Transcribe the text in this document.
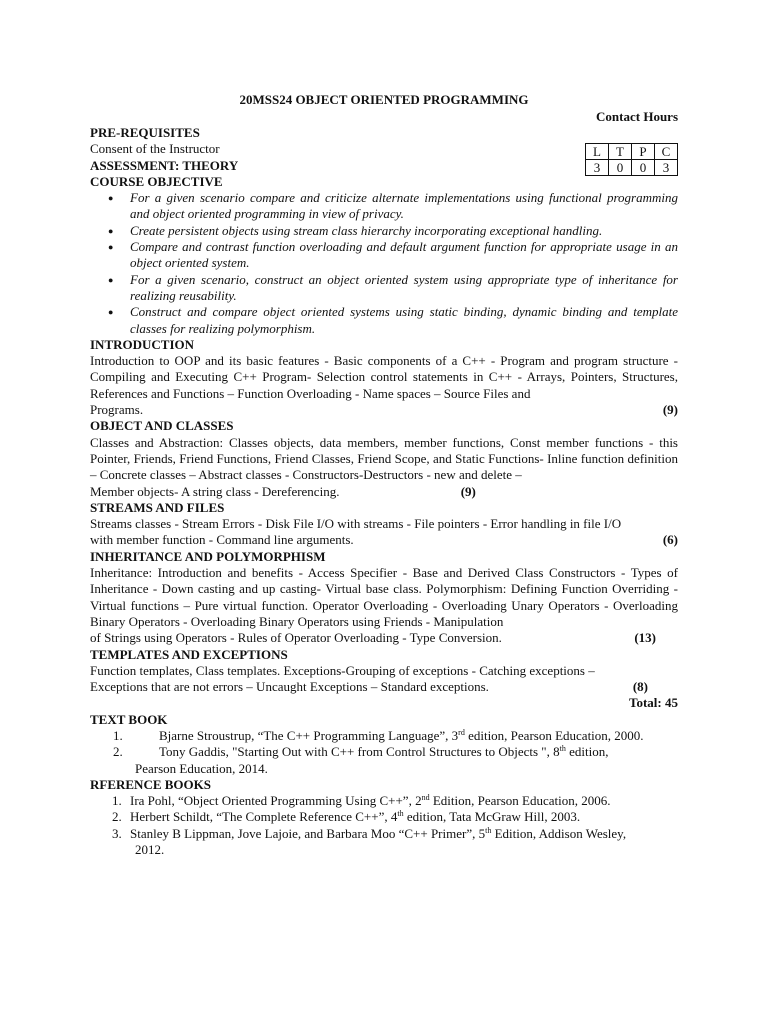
20MSS24 OBJECT ORIENTED PROGRAMMING
Contact Hours
L	T	P	C
3	0	0	3
PRE-REQUISITES
Consent of the Instructor
ASSESSMENT: THEORY
COURSE OBJECTIVE
● For a given scenario compare and criticize alternate implementations using functional programming and object oriented programming in view of privacy.
● Create persistent objects using stream class hierarchy incorporating exceptional handling.
● Compare and contrast function overloading and default argument function for appropriate usage in an object oriented system.
● For a given scenario, construct an object oriented system using appropriate type of inheritance for realizing reusability.
● Construct and compare object oriented systems using static binding, dynamic binding and template classes for realizing polymorphism.
INTRODUCTION
Introduction to OOP and its basic features - Basic components of a C++ - Program and program structure - Compiling and Executing C++ Program- Selection control statements in C++ - Arrays, Pointers, Structures, References and Functions – Function Overloading - Name spaces – Source Files and
Programs.	(9)
OBJECT AND CLASSES
Classes and Abstraction: Classes objects, data members, member functions, Const member functions - this Pointer, Friends, Friend Functions, Friend Classes, Friend Scope, and Static Functions- Inline function definition – Concrete classes – Abstract classes - Constructors-Destructors - new and delete –
Member objects- A string class - Dereferencing.	(9)
STREAMS AND FILES
Streams classes - Stream Errors - Disk File I/O with streams - File pointers - Error handling in file I/O
with member function - Command line arguments.	(6)
INHERITANCE AND POLYMORPHISM
Inheritance: Introduction and benefits - Access Specifier - Base and Derived Class Constructors - Types of Inheritance - Down casting and up casting- Virtual base class. Polymorphism: Defining Function Overriding - Virtual functions – Pure virtual function. Operator Overloading - Overloading Unary Operators - Overloading Binary Operators - Overloading Binary Operators using Friends - Manipulation
of Strings using Operators - Rules of Operator Overloading - Type Conversion.	(13)
TEMPLATES AND EXCEPTIONS
Function templates, Class templates. Exceptions-Grouping of exceptions - Catching exceptions –
Exceptions that are not errors – Uncaught Exceptions – Standard exceptions.	(8)
Total: 45
TEXT BOOK
1.	Bjarne Stroustrup, “The C++ Programming Language”, 3rd edition, Pearson Education, 2000.
2.	Tony Gaddis, "Starting Out with C++ from Control Structures to Objects ", 8th edition,
Pearson Education, 2014.
RFERENCE BOOKS
1. Ira Pohl, “Object Oriented Programming Using C++”, 2nd Edition, Pearson Education, 2006.
2. Herbert Schildt, “The Complete Reference C++”, 4th edition, Tata McGraw Hill, 2003.
3. Stanley B Lippman, Jove Lajoie, and Barbara Moo “C++ Primer”, 5th Edition, Addison Wesley,
2012.
